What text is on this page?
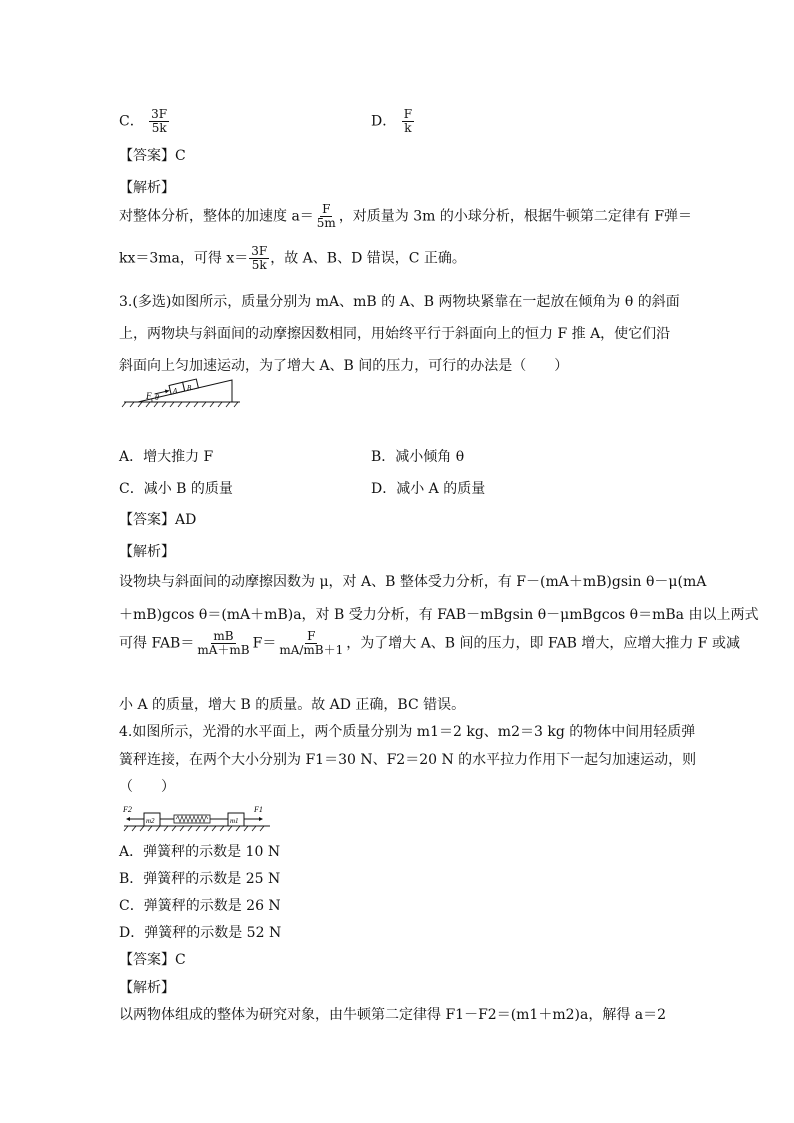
C． $\frac{3F}{5k}$	D． $\frac{F}{k}$
【答案】C
【解析】
对整体分析，整体的加速度 $a= \frac{F}{5m}$ ，对质量为 3m 的小球分析，根据牛顿第二定律有 F弹＝
kx＝3ma，可得 $x= \frac{3F}{5k}$ ，故 A、B、D 错误，C 正确。
3.(多选)如图所示，质量分别为 mA、mB 的 A、B 两物块紧靠在一起放在倾角为 θ 的斜面
上，两物块与斜面间的动摩擦因数相同，用始终平行于斜面向上的恒力 F 推 A，使它们沿
斜面向上匀加速运动，为了增大 A、B 间的压力，可行的办法是（　　）
F	A B
θ
A．增大推力 F	B．减小倾角 θ
C．减小 B 的质量	D．减小 A 的质量
【答案】AD
【解析】
设物块与斜面间的动摩擦因数为 μ，对 A、B 整体受力分析，有 F－(mA＋mB)gsin θ－μ(mA
＋mB)gcos θ＝(mA＋mB)a，对 B 受力分析，有 FAB－mBgsin θ－μmBgcos θ＝mBa 由以上两式
可得 $FAB= \frac{mB}{mA+mB} F= \frac{F}{mA/mB+1}$ ，为了增大 A、B 间的压力，即 FAB 增大，应增大推力 F 或减
小 A 的质量，增大 B 的质量。故 AD 正确，BC 错误。
4.如图所示，光滑的水平面上，两个质量分别为 m1＝2 kg、m2＝3 kg 的物体中间用轻质弹
簧秤连接，在两个大小分别为 F1＝30 N、F2＝20 N 的水平拉力作用下一起匀加速运动，则
（　　）
m2	m1
F2	F1
A．弹簧秤的示数是 10 N
B．弹簧秤的示数是 25 N
C．弹簧秤的示数是 26 N
D．弹簧秤的示数是 52 N
【答案】C
【解析】
以两物体组成的整体为研究对象，由牛顿第二定律得 F1－F2＝(m1＋m2)a，解得 a＝2
